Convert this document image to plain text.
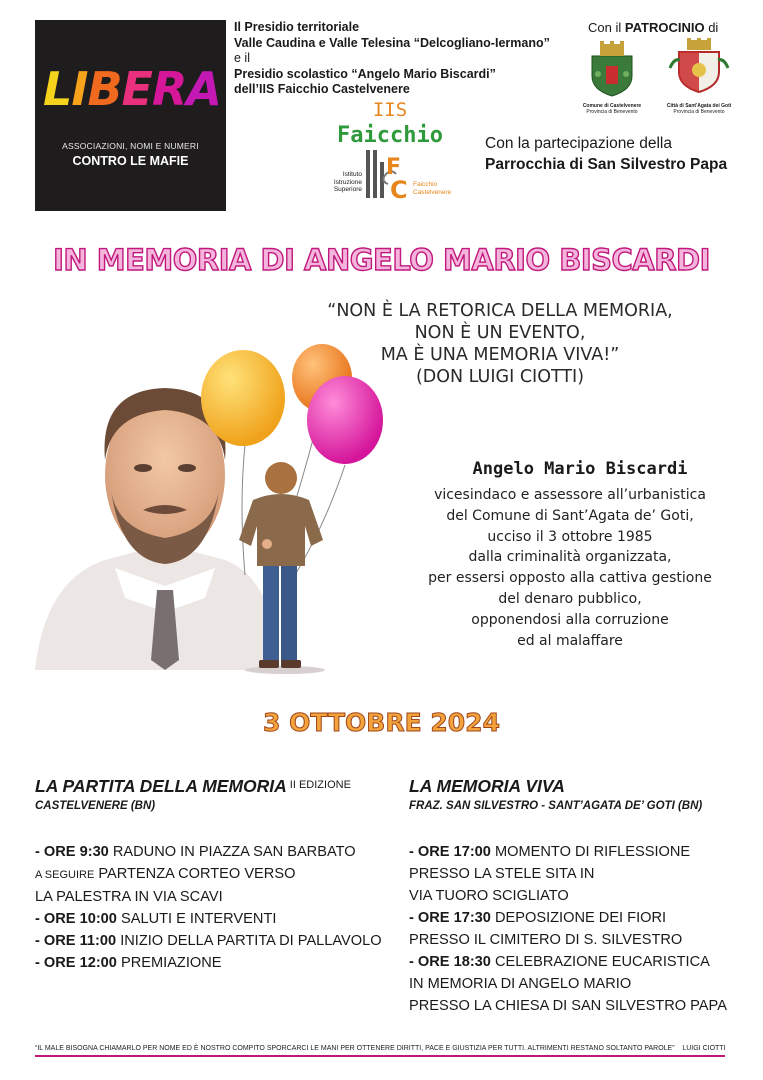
LIBERA
ASSOCIAZIONI, NOMI E NUMERI
CONTRO LE MAFIE
Il Presidio territoriale
Valle Caudina e Valle Telesina “Delcogliano-Iermano”
e il
Presidio scolastico “Angelo Mario Biscardi”
dell’IIS Faicchio Castelvenere
IIS
Faicchio
Istituto
Istruzione
Superiore
F
C Faicchio
Castelvenere
Con il PATROCINIO di
Comune di Castelvenere
Provincia di Benevento
Città di Sant'Agata dei Goti
Provincia di Benevento
Con la partecipazione della
Parrocchia di San Silvestro Papa
IN MEMORIA DI ANGELO MARIO BISCARDI
“NON È LA RETORICA DELLA MEMORIA,
NON È UN EVENTO,
MA È UNA MEMORIA VIVA!”
(DON LUIGI CIOTTI)
Angelo Mario Biscardi
vicesindaco e assessore all’urbanistica
del Comune di Sant’Agata de’ Goti,
ucciso il 3 ottobre 1985
dalla criminalità organizzata,
per essersi opposto alla cattiva gestione
del denaro pubblico,
opponendosi alla corruzione
ed al malaffare
3 OTTOBRE 2024
LA PARTITA DELLA MEMORIA $^{II EDIZIONE}$
CASTELVENERE (BN)
- ORE 9:30 RADUNO IN PIAZZA SAN BARBATO
A SEGUIRE PARTENZA CORTEO VERSO
LA PALESTRA IN VIA SCAVI
- ORE 10:00 SALUTI E INTERVENTI
- ORE 11:00 INIZIO DELLA PARTITA DI PALLAVOLO
- ORE 12:00 PREMIAZIONE
LA MEMORIA VIVA
FRAZ. SAN SILVESTRO - SANT’AGATA DE’ GOTI (BN)
- ORE 17:00 MOMENTO DI RIFLESSIONE
PRESSO LA STELE SITA IN
VIA TUORO SCIGLIATO
- ORE 17:30 DEPOSIZIONE DEI FIORI
PRESSO IL CIMITERO DI S. SILVESTRO
- ORE 18:30 CELEBRAZIONE EUCARISTICA
IN MEMORIA DI ANGELO MARIO
PRESSO LA CHIESA DI SAN SILVESTRO PAPA
“IL MALE BISOGNA CHIAMARLO PER NOME ED È NOSTRO COMPITO SPORCARCI LE MANI PER OTTENERE DIRITTI, PACE E GIUSTIZIA PER TUTTI. ALTRIMENTI RESTANO SOLTANTO PAROLE” LUIGI CIOTTI
